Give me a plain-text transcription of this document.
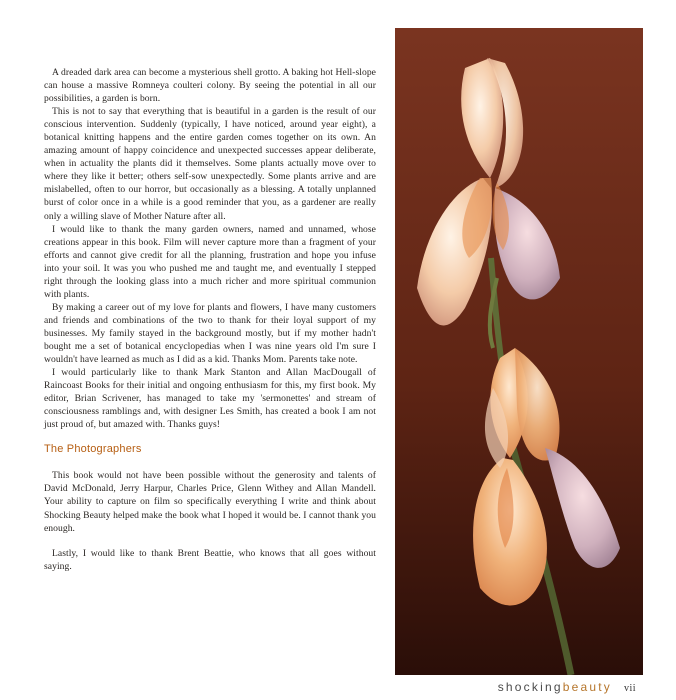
A dreaded dark area can become a mysterious shell grotto. A baking hot Hell-slope can house a massive Romneya coulteri colony. By seeing the potential in all our possibilities, a garden is born.

This is not to say that everything that is beautiful in a garden is the result of our conscious intervention. Suddenly (typically, I have noticed, around year eight), a botanical knitting happens and the entire garden comes together on its own. An amazing amount of happy coincidence and unexpected successes appear deliberate, when in actuality the plants did it themselves. Some plants actually move over to where they like it better; others self-sow unexpectedly. Some plants arrive and are mislabelled, often to our horror, but occasionally as a blessing. A totally unplanned burst of color once in a while is a good reminder that you, as a gardener are really only a willing slave of Mother Nature after all.

I would like to thank the many garden owners, named and unnamed, whose creations appear in this book. Film will never capture more than a fragment of your efforts and cannot give credit for all the planning, frustration and hope you infuse into your soil. It was you who pushed me and taught me, and eventually I stepped right through the looking glass into a much richer and more spiritual communion with plants.

By making a career out of my love for plants and flowers, I have many customers and friends and combinations of the two to thank for their loyal support of my businesses. My family stayed in the background mostly, but if my mother hadn't bought me a set of botanical encyclopedias when I was nine years old I'm sure I wouldn't have learned as much as I did as a kid. Thanks Mom. Parents take note.

I would particularly like to thank Mark Stanton and Allan MacDougall of Raincoast Books for their initial and ongoing enthusiasm for this, my first book. My editor, Brian Scrivener, has managed to take my 'sermonettes' and stream of consciousness ramblings and, with designer Les Smith, has created a book I am not just proud of, but amazed with. Thanks guys!

The Photographers

This book would not have been possible without the generosity and talents of David McDonald, Jerry Harpur, Charles Price, Glenn Withey and Allan Mandell. Your ability to capture on film so specifically everything I write and think about Shocking Beauty helped make the book what I hoped it would be. I cannot thank you enough.

Lastly, I would like to thank Brent Beattie, who knows that all goes without saying.

shockingbeauty vii
